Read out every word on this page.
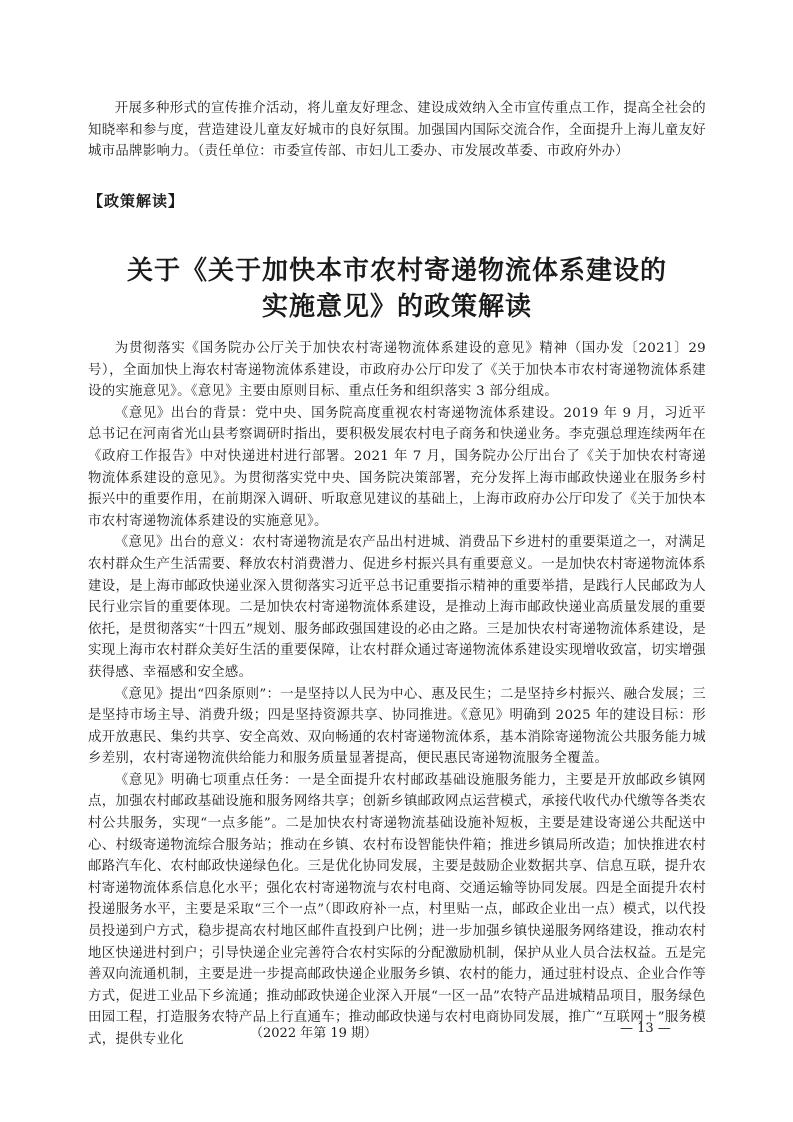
开展多种形式的宣传推介活动，将儿童友好理念、建设成效纳入全市宣传重点工作，提高全社会的知晓率和参与度，营造建设儿童友好城市的良好氛围。加强国内国际交流合作，全面提升上海儿童友好城市品牌影响力。（责任单位：市委宣传部、市妇儿工委办、市发展改革委、市政府外办）

【政策解读】
关于《关于加快本市农村寄递物流体系建设的
实施意见》的政策解读

为贯彻落实《国务院办公厅关于加快农村寄递物流体系建设的意见》精神（国办发〔2021〕29 号），全面加快上海农村寄递物流体系建设，市政府办公厅印发了《关于加快本市农村寄递物流体系建设的实施意见》。《意见》主要由原则目标、重点任务和组织落实 3 部分组成。

《意见》出台的背景：党中央、国务院高度重视农村寄递物流体系建设。2019 年 9 月，习近平总书记在河南省光山县考察调研时指出，要积极发展农村电子商务和快递业务。李克强总理连续两年在《政府工作报告》中对快递进村进行部署。2021 年 7 月，国务院办公厅出台了《关于加快农村寄递物流体系建设的意见》。为贯彻落实党中央、国务院决策部署，充分发挥上海市邮政快递业在服务乡村振兴中的重要作用，在前期深入调研、听取意见建议的基础上，上海市政府办公厅印发了《关于加快本市农村寄递物流体系建设的实施意见》。

《意见》出台的意义：农村寄递物流是农产品出村进城、消费品下乡进村的重要渠道之一，对满足农村群众生产生活需要、释放农村消费潜力、促进乡村振兴具有重要意义。一是加快农村寄递物流体系建设，是上海市邮政快递业深入贯彻落实习近平总书记重要指示精神的重要举措，是践行人民邮政为人民行业宗旨的重要体现。二是加快农村寄递物流体系建设，是推动上海市邮政快递业高质量发展的重要依托，是贯彻落实“十四五”规划、服务邮政强国建设的必由之路。三是加快农村寄递物流体系建设，是实现上海市农村群众美好生活的重要保障，让农村群众通过寄递物流体系建设实现增收致富，切实增强获得感、幸福感和安全感。

《意见》提出“四条原则”：一是坚持以人民为中心、惠及民生；二是坚持乡村振兴、融合发展；三是坚持市场主导、消费升级；四是坚持资源共享、协同推进。《意见》明确到 2025 年的建设目标：形成开放惠民、集约共享、安全高效、双向畅通的农村寄递物流体系，基本消除寄递物流公共服务能力城乡差别，农村寄递物流供给能力和服务质量显著提高，便民惠民寄递物流服务全覆盖。

《意见》明确七项重点任务：一是全面提升农村邮政基础设施服务能力，主要是开放邮政乡镇网点，加强农村邮政基础设施和服务网络共享；创新乡镇邮政网点运营模式，承接代收代办代缴等各类农村公共服务，实现“一点多能”。二是加快农村寄递物流基础设施补短板，主要是建设寄递公共配送中心、村级寄递物流综合服务站；推动在乡镇、农村布设智能快件箱；推进乡镇局所改造；加快推进农村邮路汽车化、农村邮政快递绿色化。三是优化协同发展，主要是鼓励企业数据共享、信息互联，提升农村寄递物流体系信息化水平；强化农村寄递物流与农村电商、交通运输等协同发展。四是全面提升农村投递服务水平，主要是采取“三个一点”（即政府补一点，村里贴一点，邮政企业出一点）模式，以代投员投递到户方式，稳步提高农村地区邮件直投到户比例；进一步加强乡镇快递服务网络建设，推动农村地区快递进村到户；引导快递企业完善符合农村实际的分配激励机制，保护从业人员合法权益。五是完善双向流通机制，主要是进一步提高邮政快递企业服务乡镇、农村的能力，通过驻村设点、企业合作等方式，促进工业品下乡流通；推动邮政快递企业深入开展“一区一品”农特产品进城精品项目，服务绿色田园工程，打造服务农特产品上行直通车；推动邮政快递与农村电商协同发展，推广“互联网＋”服务模式，提供专业化	（2022 年第 19 期）	— 13 —
